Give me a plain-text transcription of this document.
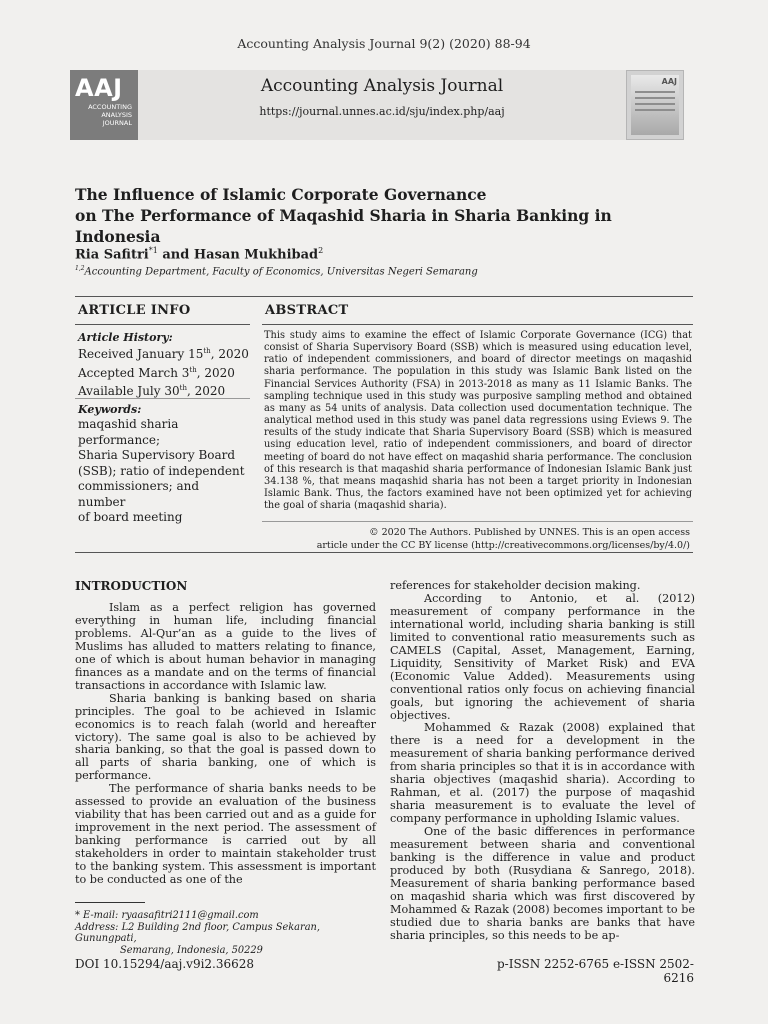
Accounting Analysis Journal 9(2) (2020) 88-94
AAJ
ACCOUNTING
ANALYSIS
JOURNAL
Accounting Analysis Journal
https://journal.unnes.ac.id/sju/index.php/aaj
AAJ
The Influence of Islamic Corporate Governance
on The Performance of Maqashid Sharia in Sharia Banking in Indonesia
Ria Safitri$^{*1}$ and Hasan Mukhibad$^2$
$^{1,2}$Accounting Department, Faculty of Economics, Universitas Negeri Semarang
ARTICLE INFO	ABSTRACT
Article History:
Received January 15th, 2020
Accepted March 3th, 2020
Available July 30th, 2020
Keywords:
maqashid sharia performance;
Sharia Supervisory Board
(SSB); ratio of independent
commissioners; and number
of board meeting
This study aims to examine the effect of Islamic Corporate Governance (ICG) that consist of Sharia Supervisory Board (SSB) which is measured using education level, ratio of independent commissioners, and board of director meetings on maqashid sharia performance. The population in this study was Islamic Bank listed on the Financial Services Authority (FSA) in 2013-2018 as many as 11 Islamic Banks. The sampling technique used in this study was purposive sampling method and obtained as many as 54 units of analysis. Data collection used documentation technique. The analytical method used in this study was panel data regressions using Eviews 9. The results of the study indicate that Sharia Supervisory Board (SSB) which is measured using education level, ratio of independent commissioners, and board of director meeting of board do not have effect on maqashid sharia performance. The conclusion of this research is that maqashid sharia performance of Indonesian Islamic Bank just 34.138 %, that means maqashid sharia has not been a target priority in Indonesian Islamic Bank. Thus, the factors examined have not been optimized yet for achieving the goal of sharia (maqashid sharia).
© 2020 The Authors. Published by UNNES. This is an open access
article under the CC BY license (http://creativecommons.org/licenses/by/4.0/)
INTRODUCTION

Islam as a perfect religion has governed everything in human life, including financial problems. Al-Qur’an as a guide to the lives of Muslims has alluded to matters relating to finance, one of which is about human behavior in managing finances as a mandate and on the terms of financial transactions in accordance with Islamic law.

Sharia banking is banking based on sharia principles. The goal to be achieved in Islamic economics is to reach falah (world and hereafter victory). The same goal is also to be achieved by sharia banking, so that the goal is passed down to all parts of sharia banking, one of which is performance.

The performance of sharia banks needs to be assessed to provide an evaluation of the business viability that has been carried out and as a guide for improvement in the next period. The assessment of banking performance is carried out by all stakeholders in order to maintain stakeholder trust to the banking system. This assessment is important to be conducted as one of the

references for stakeholder decision making.

According to Antonio, et al. (2012) measurement of company performance in the international world, including sharia banking is still limited to conventional ratio measurements such as CAMELS (Capital, Asset, Management, Earning, Liquidity, Sensitivity of Market Risk) and EVA (Economic Value Added). Measurements using conventional ratios only focus on achieving financial goals, but ignoring the achievement of sharia objectives.

Mohammed & Razak (2008) explained that there is a need for a development in the measurement of sharia banking performance derived from sharia principles so that it is in accordance with sharia objectives (maqashid sharia). According to Rahman, et al. (2017) the purpose of maqashid sharia measurement is to evaluate the level of company performance in upholding Islamic values.

One of the basic differences in performance measurement between sharia and conventional banking is the difference in value and product produced by both (Rusydiana & Sanrego, 2018). Measurement of sharia banking performance based on maqashid sharia which was first discovered by Mohammed & Razak (2008) becomes important to be studied due to sharia banks are banks that have sharia principles, so this needs to be ap-

* E-mail: ryaasafitri2111@gmail.com
Address: L2 Building 2nd floor, Campus Sekaran, Gunungpati,
Semarang, Indonesia, 50229
DOI 10.15294/aaj.v9i2.36628	p-ISSN 2252-6765 e-ISSN 2502-6216
